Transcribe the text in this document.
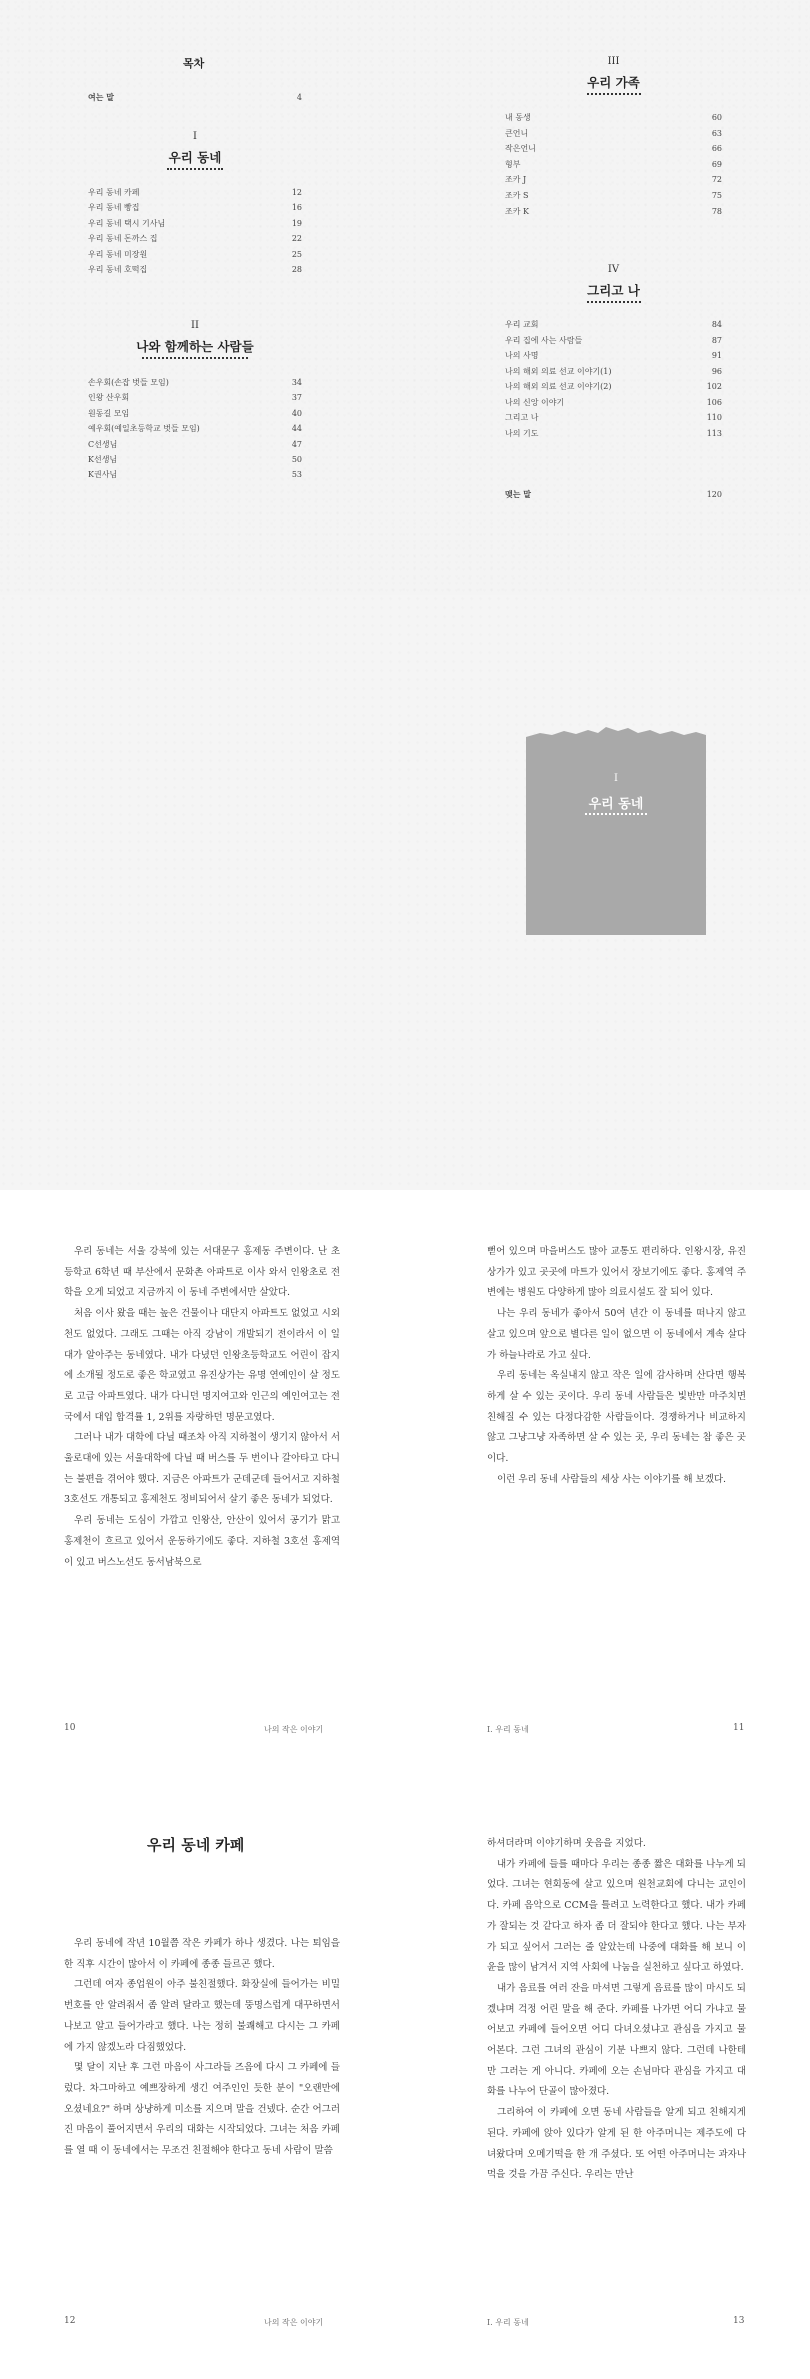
목차
여는 말	4
I
우리 동네
우리 동네 카페	12
우리 동네 빵집	16
우리 동네 택시 기사님	19
우리 동네 돈까스 집	22
우리 동네 미장원	25
우리 동네 호떡집	28
II
나와 함께하는 사람들
손우회(손잡 벗들 모임)	34
인왕 산우회	37
원동길 모임	40
예우회(예일초등학교 벗들 모임)	44
C선생님	47
K선생님	50
K권사님	53
III
우리 가족
내 동생	60
큰언니	63
작은언니	66
형부	69
조카 J	72
조카 S	75
조카 K	78
IV
그리고 나
우리 교회	84
우리 집에 사는 사람들	87
나의 사명	91
나의 해외 의료 선교 이야기(1)	96
나의 해외 의료 선교 이야기(2)	102
나의 신앙 이야기	106
그리고 나	110
나의 기도	113
맺는 말	120
I
우리 동네

우리 동네는 서울 강북에 있는 서대문구 홍제동 주변이다. 난 초등학교 6학년 때 부산에서 문화촌 아파트로 이사 와서 인왕초로 전학을 오게 되었고 지금까지 이 동네 주변에서만 살았다.

처음 이사 왔을 때는 높은 건물이나 대단지 아파트도 없었고 시외천도 없었다. 그래도 그때는 아직 강남이 개발되기 전이라서 이 일대가 알아주는 동네였다. 내가 다녔던 인왕초등학교도 어린이 잡지에 소개될 정도로 좋은 학교였고 유진상가는 유명 연예인이 살 정도로 고급 아파트였다. 내가 다니던 명지여고와 인근의 예인여고는 전국에서 대입 합격률 1, 2위를 자랑하던 명문고였다.

그러나 내가 대학에 다닐 때조차 아직 지하철이 생기지 않아서 서울로대에 있는 서울대학에 다닐 때 버스를 두 번이나 갈아타고 다니는 불편을 겪어야 했다. 지금은 아파트가 군데군데 들어서고 지하철 3호선도 개통되고 홍제천도 정비되어서 살기 좋은 동네가 되었다.

우리 동네는 도심이 가깝고 인왕산, 안산이 있어서 공기가 맑고 홍제천이 흐르고 있어서 운동하기에도 좋다. 지하철 3호선 홍제역이 있고 버스노선도 동서남북으로

10	나의 작은 이야기

뻗어 있으며 마을버스도 많아 교통도 편리하다. 인왕시장, 유진 상가가 있고 곳곳에 마트가 있어서 장보기에도 좋다. 홍제역 주변에는 병원도 다양하게 많아 의료시설도 잘 되어 있다.

나는 우리 동네가 좋아서 50여 년간 이 동네를 떠나지 않고 살고 있으며 앞으로 별다른 일이 없으면 이 동네에서 계속 살다가 하늘나라로 가고 싶다.

우리 동네는 옥실내지 않고 작은 일에 감사하며 산다면 행복하게 살 수 있는 곳이다. 우리 동네 사람들은 빛반만 마주치면 친해질 수 있는 다정다감한 사람들이다. 경쟁하거나 비교하지 않고 그냥그냥 자족하면 살 수 있는 곳, 우리 동네는 참 좋은 곳이다.

이런 우리 동네 사람들의 세상 사는 이야기를 해 보겠다.

I. 우리 동네	11
우리 동네 카페

우리 동네에 작년 10월쯤 작은 카페가 하나 생겼다. 나는 퇴임을 한 직후 시간이 많아서 이 카페에 종종 들르곤 했다.

그런데 여자 종업원이 아주 불친절했다. 화장실에 들어가는 비밀번호를 안 알려줘서 좀 알려 달라고 했는데 뚱명스럽게 대꾸하면서 나보고 알고 들어가라고 했다. 나는 정히 불쾌해고 다시는 그 카페에 가지 않겠노라 다짐했었다.

몇 달이 지난 후 그런 마음이 사그라들 즈음에 다시 그 카페에 들렀다. 차그마하고 예쁘장하게 생긴 여주인인 듯한 분이 "오랜만에 오셨네요?" 하며 상냥하게 미소를 지으며 말을 건넸다. 순간 어그러진 마음이 풀어지면서 우리의 대화는 시작되었다. 그녀는 처음 카페를 열 때 이 동네에서는 무조건 친절해야 한다고 동네 사람이 말씀

12	나의 작은 이야기

하셔더라며 이야기하며 웃음을 지었다.

내가 카페에 들를 때마다 우리는 종종 짧은 대화를 나누게 되었다. 그녀는 현회동에 살고 있으며 원천교회에 다니는 교인이다. 카페 음악으로 CCM을 틀려고 노력한다고 했다. 내가 카페가 잘되는 것 같다고 하자 좀 더 잘되야 한다고 했다. 나는 부자가 되고 싶어서 그러는 줄 알았는데 나중에 대화를 해 보니 이윤을 많이 남겨서 지역 사회에 나눔을 실천하고 싶다고 하였다.

내가 음료를 여러 잔을 마셔면 그렇게 음료를 많이 마시도 되겠냐며 걱정 어린 말을 해 준다. 카페를 나가면 어디 가냐고 물어보고 카페에 들어오면 어디 다녀오셨냐고 관심을 가지고 물어본다. 그런 그녀의 관심이 기분 나쁘지 않다. 그런데 나한테만 그러는 게 아니다. 카페에 오는 손님마다 관심을 가지고 대화를 나누어 단골이 많아졌다.

그리하여 이 카페에 오면 동네 사람들을 알게 되고 친해지게 된다. 카페에 앉아 있다가 알게 된 한 아주머니는 제주도에 다녀왔다며 오메기떡을 한 개 주셨다. 또 어떤 아주머니는 과자나 먹을 것을 가끔 주신다. 우리는 만난

I. 우리 동네	13
